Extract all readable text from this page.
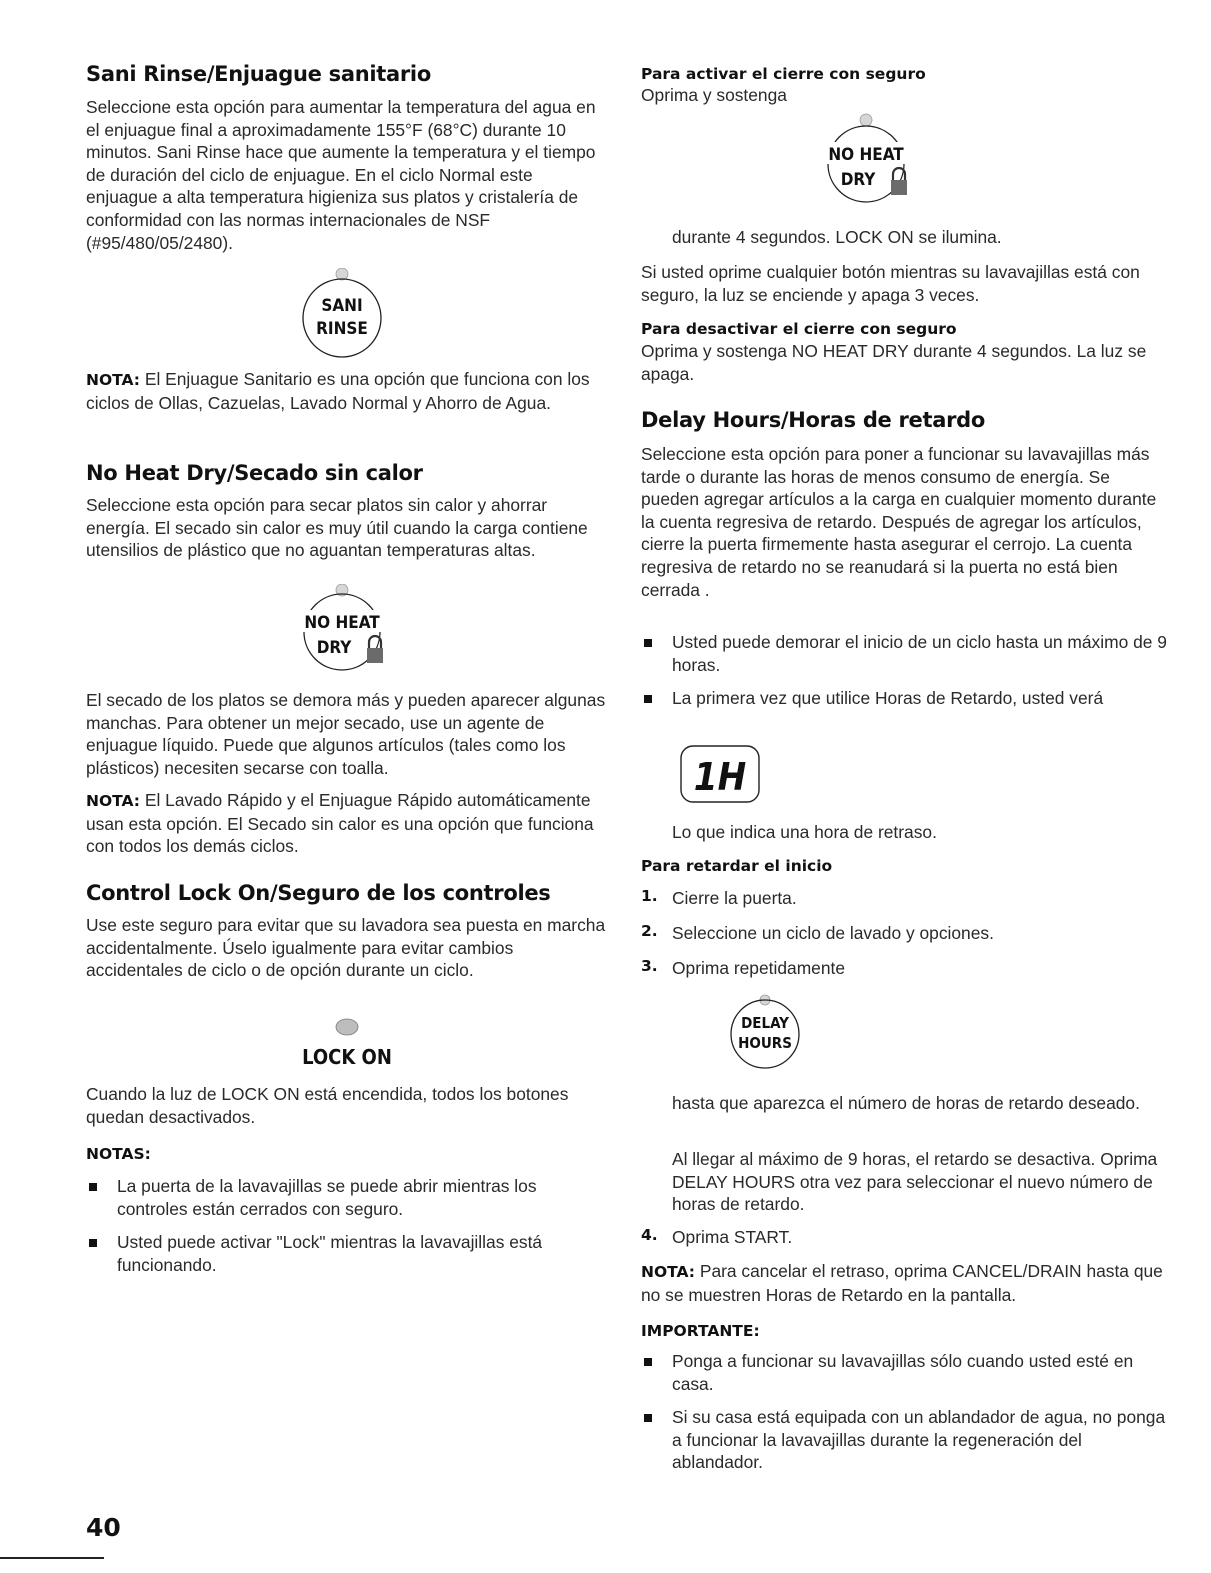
Sani Rinse/Enjuague sanitario

Seleccione esta opción para aumentar la temperatura del agua en el enjuague final a aproximadamente 155°F (68°C) durante 10 minutos. Sani Rinse hace que aumente la temperatura y el tiempo de duración del ciclo de enjuague. En el ciclo Normal este enjuague a alta temperatura higieniza sus platos y cristalería de conformidad con las normas internacionales de NSF (#95/480/05/2480).

SANI
RINSE

NOTA: El Enjuague Sanitario es una opción que funciona con los ciclos de Ollas, Cazuelas, Lavado Normal y Ahorro de Agua.

No Heat Dry/Secado sin calor

Seleccione esta opción para secar platos sin calor y ahorrar energía. El secado sin calor es muy útil cuando la carga contiene utensilios de plástico que no aguantan temperaturas altas.

NO HEAT
DRY

El secado de los platos se demora más y pueden aparecer algunas manchas. Para obtener un mejor secado, use un agente de enjuague líquido. Puede que algunos artículos (tales como los plásticos) necesiten secarse con toalla.

NOTA: El Lavado Rápido y el Enjuague Rápido automáticamente usan esta opción. El Secado sin calor es una opción que funciona con todos los demás ciclos.

Control Lock On/Seguro de los controles

Use este seguro para evitar que su lavadora sea puesta en marcha accidentalmente. Úselo igualmente para evitar cambios accidentales de ciclo o de opción durante un ciclo.

LOCK ON

Cuando la luz de LOCK ON está encendida, todos los botones quedan desactivados.

NOTAS:

La puerta de la lavavajillas se puede abrir mientras los controles están cerrados con seguro.

Usted puede activar "Lock" mientras la lavavajillas está funcionando.

40

Para activar el cierre con seguro

Oprima y sostenga

NO HEAT
DRY

durante 4 segundos. LOCK ON se ilumina.

Si usted oprime cualquier botón mientras su lavavajillas está con seguro, la luz se enciende y apaga 3 veces.

Para desactivar el cierre con seguro

Oprima y sostenga NO HEAT DRY durante 4 segundos. La luz se apaga.

Delay Hours/Horas de retardo

Seleccione esta opción para poner a funcionar su lavavajillas más tarde o durante las horas de menos consumo de energía. Se pueden agregar artículos a la carga en cualquier momento durante la cuenta regresiva de retardo. Después de agregar los artículos, cierre la puerta firmemente hasta asegurar el cerrojo. La cuenta regresiva de retardo no se reanudará si la puerta no está bien cerrada .

Usted puede demorar el inicio de un ciclo hasta un máximo de 9 horas.

La primera vez que utilice Horas de Retardo, usted verá

1H

Lo que indica una hora de retraso.

Para retardar el inicio

1. Cierre la puerta.

2. Seleccione un ciclo de lavado y opciones.

3. Oprima repetidamente

DELAY
HOURS

hasta que aparezca el número de horas de retardo deseado.

Al llegar al máximo de 9 horas, el retardo se desactiva. Oprima DELAY HOURS otra vez para seleccionar el nuevo número de horas de retardo.

4. Oprima START.

NOTA: Para cancelar el retraso, oprima CANCEL/DRAIN hasta que no se muestren Horas de Retardo en la pantalla.

IMPORTANTE:

Ponga a funcionar su lavavajillas sólo cuando usted esté en casa.

Si su casa está equipada con un ablandador de agua, no ponga a funcionar la lavavajillas durante la regeneración del ablandador.
